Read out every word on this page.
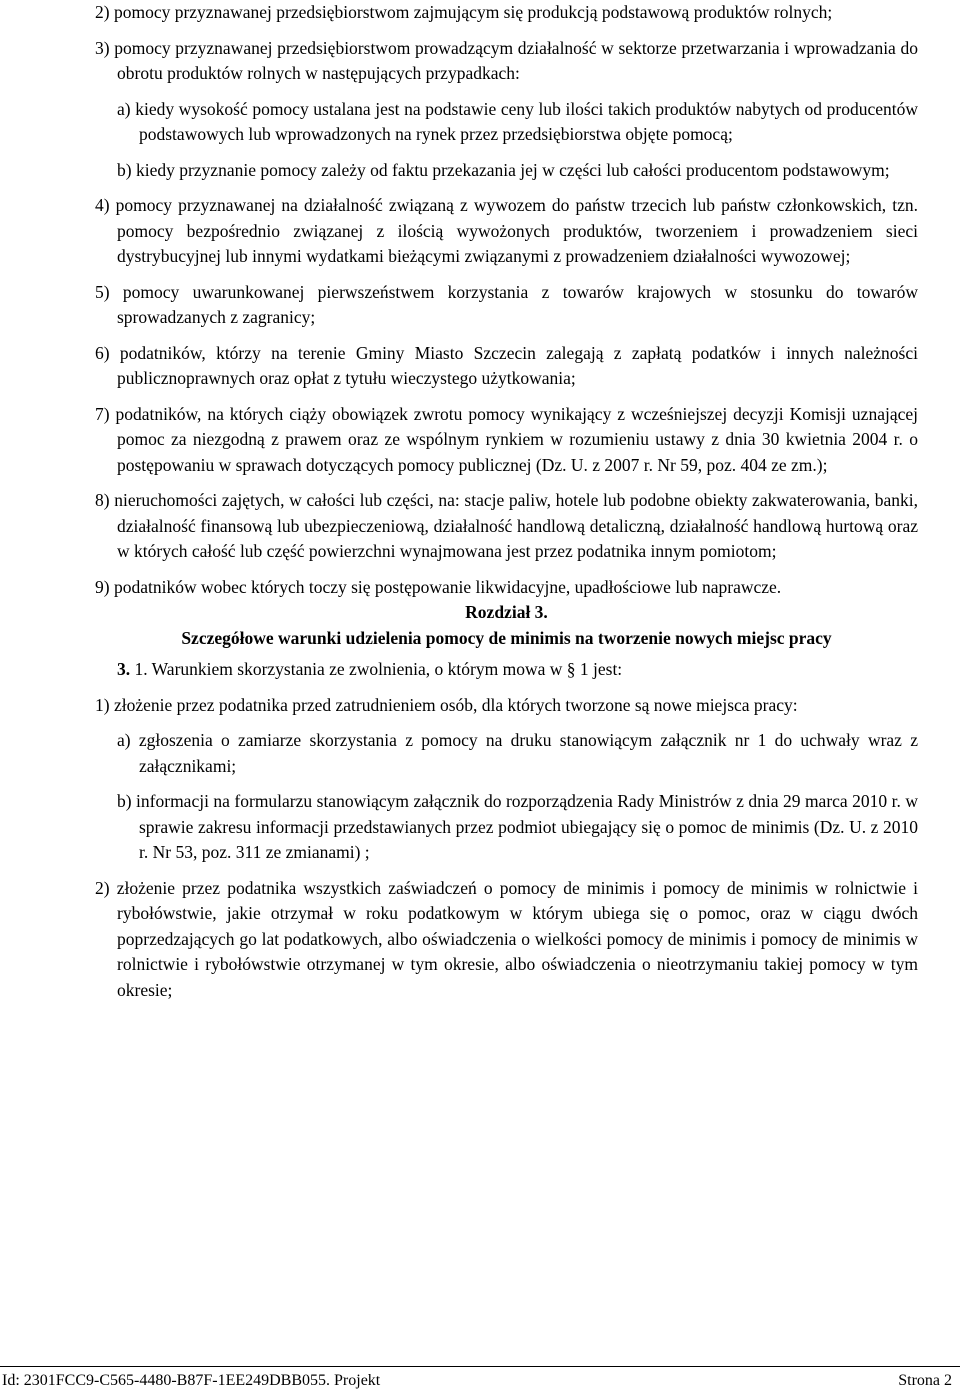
2) pomocy przyznawanej przedsiębiorstwom zajmującym się produkcją podstawową produktów rolnych;

3) pomocy przyznawanej przedsiębiorstwom prowadzącym działalność w sektorze przetwarzania i wprowadzania do obrotu produktów rolnych w następujących przypadkach:

a) kiedy wysokość pomocy ustalana jest na podstawie ceny lub ilości takich produktów nabytych od producentów podstawowych lub wprowadzonych na rynek przez przedsiębiorstwa objęte pomocą;

b) kiedy przyznanie pomocy zależy od faktu przekazania jej w części lub całości producentom podstawowym;

4) pomocy przyznawanej na działalność związaną z wywozem do państw trzecich lub państw członkowskich, tzn. pomocy bezpośrednio związanej z ilością wywożonych produktów, tworzeniem i prowadzeniem sieci dystrybucyjnej lub innymi wydatkami bieżącymi związanymi z prowadzeniem działalności wywozowej;

5) pomocy uwarunkowanej pierwszeństwem korzystania z towarów krajowych w stosunku do towarów sprowadzanych z zagranicy;

6) podatników, którzy na terenie Gminy Miasto Szczecin zalegają z zapłatą podatków i innych należności publicznoprawnych oraz opłat z tytułu wieczystego użytkowania;

7) podatników, na których ciąży obowiązek zwrotu pomocy wynikający z wcześniejszej decyzji Komisji uznającej pomoc za niezgodną z prawem oraz ze wspólnym rynkiem w rozumieniu ustawy z dnia 30 kwietnia 2004 r. o postępowaniu w sprawach dotyczących pomocy publicznej (Dz. U. z 2007 r. Nr 59, poz. 404 ze zm.);

8) nieruchomości zajętych, w całości lub części, na: stacje paliw, hotele lub podobne obiekty zakwaterowania, banki, działalność finansową lub ubezpieczeniową, działalność handlową detaliczną, działalność handlową hurtową oraz w których całość lub część powierzchni wynajmowana jest przez podatnika innym pomiotom;

9) podatników wobec których toczy się postępowanie likwidacyjne, upadłościowe lub naprawcze.

Rozdział 3.

Szczegółowe warunki udzielenia pomocy de minimis na tworzenie nowych miejsc pracy

3. 1. Warunkiem skorzystania ze zwolnienia, o którym mowa w § 1 jest:

1) złożenie przez podatnika przed zatrudnieniem osób, dla których tworzone są nowe miejsca pracy:

a) zgłoszenia o zamiarze skorzystania z pomocy na druku stanowiącym załącznik nr 1 do uchwały wraz z załącznikami;

b) informacji na formularzu stanowiącym załącznik do rozporządzenia Rady Ministrów z dnia 29 marca 2010 r. w sprawie zakresu informacji przedstawianych przez podmiot ubiegający się o pomoc de minimis (Dz. U. z 2010 r. Nr 53, poz. 311 ze zmianami) ;

2) złożenie przez podatnika wszystkich zaświadczeń o pomocy de minimis i pomocy de minimis w rolnictwie i rybołówstwie, jakie otrzymał w roku podatkowym w którym ubiega się o pomoc, oraz w ciągu dwóch poprzedzających go lat podatkowych, albo oświadczenia o wielkości pomocy de minimis i pomocy de minimis w rolnictwie i rybołówstwie otrzymanej w tym okresie, albo oświadczenia o nieotrzymaniu takiej pomocy w tym okresie;

Id: 2301FCC9-C565-4480-B87F-1EE249DBB055. Projekt	Strona 2
